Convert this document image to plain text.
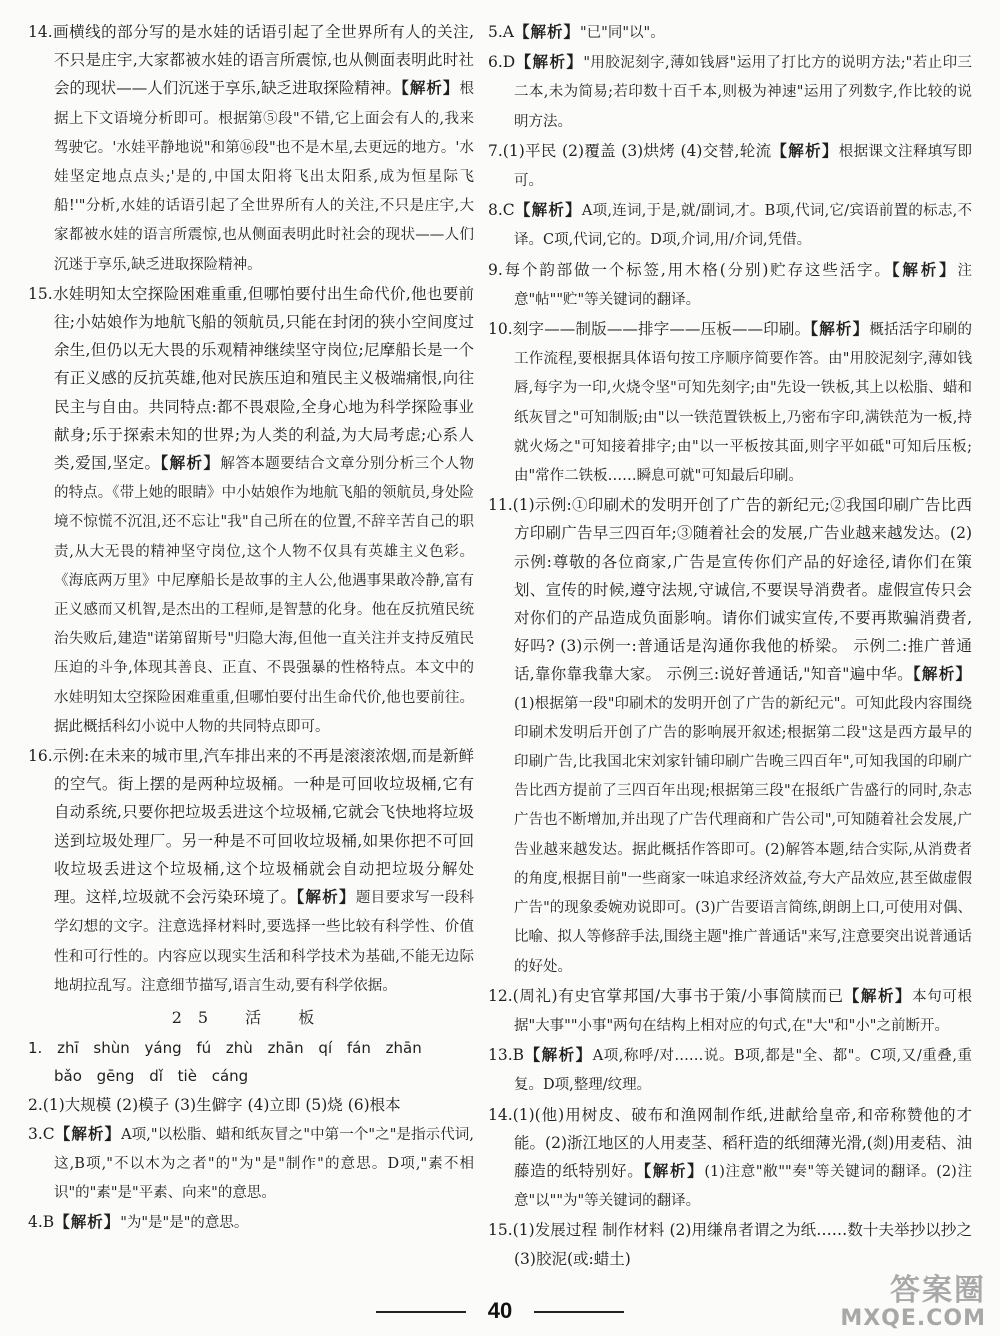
14.画横线的部分写的是水娃的话语引起了全世界所有人的关注,不只是庄宇,大家都被水娃的语言所震惊,也从侧面表明此时社会的现状——人们沉迷于享乐,缺乏进取探险精神。【解析】根据上下文语境分析即可。根据第⑤段"不错,它上面会有人的,我来驾驶它。'水娃平静地说"和第⑯段"也不是木星,去更远的地方。'水娃坚定地点点头;'是的,中国太阳将飞出太阳系,成为恒星际飞船!'"分析,水娃的话语引起了全世界所有人的关注,不只是庄宇,大家都被水娃的语言所震惊,也从侧面表明此时社会的现状——人们沉迷于享乐,缺乏进取探险精神。
15.水娃明知太空探险困难重重,但哪怕要付出生命代价,他也要前往;小姑娘作为地航飞船的领航员,只能在封闭的狭小空间度过余生,但仍以无大畏的乐观精神继续坚守岗位;尼摩船长是一个有正义感的反抗英雄,他对民族压迫和殖民主义极端痛恨,向往民主与自由。共同特点:都不畏艰险,全身心地为科学探险事业献身;乐于探索未知的世界;为人类的利益,为大局考虑;心系人类,爱国,坚定。【解析】解答本题要结合文章分别分析三个人物的特点。《带上她的眼睛》中小姑娘作为地航飞船的领航员,身处险境不惊慌不沉沮,还不忘让"我"自己所在的位置,不辞辛苦自己的职责,从大无畏的精神坚守岗位,这个人物不仅具有英雄主义色彩。《海底两万里》中尼摩船长是故事的主人公,他遇事果敢冷静,富有正义感而又机智,是杰出的工程师,是智慧的化身。他在反抗殖民统治失败后,建造"诺第留斯号"归隐大海,但他一直关注并支持反殖民压迫的斗争,体现其善良、正直、不畏强暴的性格特点。本文中的水娃明知太空探险困难重重,但哪怕要付出生命代价,他也要前往。据此概括科幻小说中人物的共同特点即可。
16.示例:在未来的城市里,汽车排出来的不再是滚滚浓烟,而是新鲜的空气。街上摆的是两种垃圾桶。一种是可回收垃圾桶,它有自动系统,只要你把垃圾丢进这个垃圾桶,它就会飞快地将垃圾送到垃圾处理厂。另一种是不可回收垃圾桶,如果你把不可回收垃圾丢进这个垃圾桶,这个垃圾桶就会自动把垃圾分解处理。这样,垃圾就不会污染环境了。【解析】题目要求写一段科学幻想的文字。注意选择材料时,要选择一些比较有科学性、价值性和可行性的。内容应以现实生活和科学技术为基础,不能无边际地胡拉乱写。注意细节描写,语言生动,要有科学依据。
25 活 板
1. zhī shùn yáng fú zhù zhān qí fán zhān
bǎo gēng dǐ tiè cáng
2.(1)大规模 (2)模子 (3)生僻字 (4)立即 (5)烧 (6)根本
3.C【解析】A项,"以松脂、蜡和纸灰冒之"中第一个"之"是指示代词,这,B项,"不以木为之者"的"为"是"制作"的意思。D项,"素不相识"的"素"是"平素、向来"的意思。
4.B【解析】"为"是"是"的意思。
5.A【解析】"已"同"以"。
6.D【解析】"用胶泥刻字,薄如钱唇"运用了打比方的说明方法;"若止印三二本,未为简易;若印数十百千本,则极为神速"运用了列数字,作比较的说明方法。
7.(1)平民 (2)覆盖 (3)烘烤 (4)交替,轮流【解析】根据课文注释填写即可。
8.C【解析】A项,连词,于是,就/副词,才。B项,代词,它/宾语前置的标志,不译。C项,代词,它的。D项,介词,用/介词,凭借。
9.每个韵部做一个标签,用木格(分别)贮存这些活字。【解析】注意"帖""贮"等关键词的翻译。
10.刻字——制版——排字——压板——印刷。【解析】概括活字印刷的工作流程,要根据具体语句按工序顺序简要作答。由"用胶泥刻字,薄如钱唇,每字为一印,火烧令坚"可知先刻字;由"先设一铁板,其上以松脂、蜡和纸灰冒之"可知制版;由"以一铁范置铁板上,乃密布字印,满铁范为一板,持就火炀之"可知接着排字;由"以一平板按其面,则字平如砥"可知后压板;由"常作二铁板……瞬息可就"可知最后印刷。
11.(1)示例:①印刷术的发明开创了广告的新纪元;②我国印刷广告比西方印刷广告早三四百年;③随着社会的发展,广告业越来越发达。(2)示例:尊敬的各位商家,广告是宣传你们产品的好途径,请你们在策划、宣传的时候,遵守法规,守诚信,不要误导消费者。虚假宣传只会对你们的产品造成负面影响。请你们诚实宣传,不要再欺骗消费者,好吗? (3)示例一:普通话是沟通你我他的桥梁。 示例二:推广普通话,靠你靠我靠大家。 示例三:说好普通话,"知音"遍中华。【解析】(1)根据第一段"印刷术的发明开创了广告的新纪元"。可知此段内容围绕印刷术发明后开创了广告的影响展开叙述;根据第二段"这是西方最早的印刷广告,比我国北宋刘家针铺印刷广告晚三四百年",可知我国的印刷广告比西方提前了三四百年出现;根据第三段"在报纸广告盛行的同时,杂志广告也不断增加,并出现了广告代理商和广告公司",可知随着社会发展,广告业越来越发达。据此概括作答即可。(2)解答本题,结合实际,从消费者的角度,根据目前"一些商家一味追求经济效益,夸大产品效应,甚至做虚假广告"的现象委婉劝说即可。(3)广告要语言简练,朗朗上口,可使用对偶、比喻、拟人等修辞手法,围绕主题"推广普通话"来写,注意要突出说普通话的好处。
12.(周礼)有史官掌邦国/大事书于策/小事简牍而已【解析】本句可根据"大事""小事"两句在结构上相对应的句式,在"大"和"小"之前断开。
13.B【解析】A项,称呼/对……说。B项,都是"全、都"。C项,又/重叠,重复。D项,整理/纹理。
14.(1)(他)用树皮、破布和渔网制作纸,进献给皇帝,和帝称赞他的才能。(2)浙江地区的人用麦茎、稻秆造的纸细薄光滑,(剡)用麦秸、油藤造的纸特别好。【解析】(1)注意"敝""奏"等关键词的翻译。(2)注意"以""为"等关键词的翻译。
15.(1)发展过程 制作材料 (2)用缣帛者谓之为纸……数十夫举抄以抄之 (3)胶泥(或:蜡土)
40
答案圈
MXQE.COM
